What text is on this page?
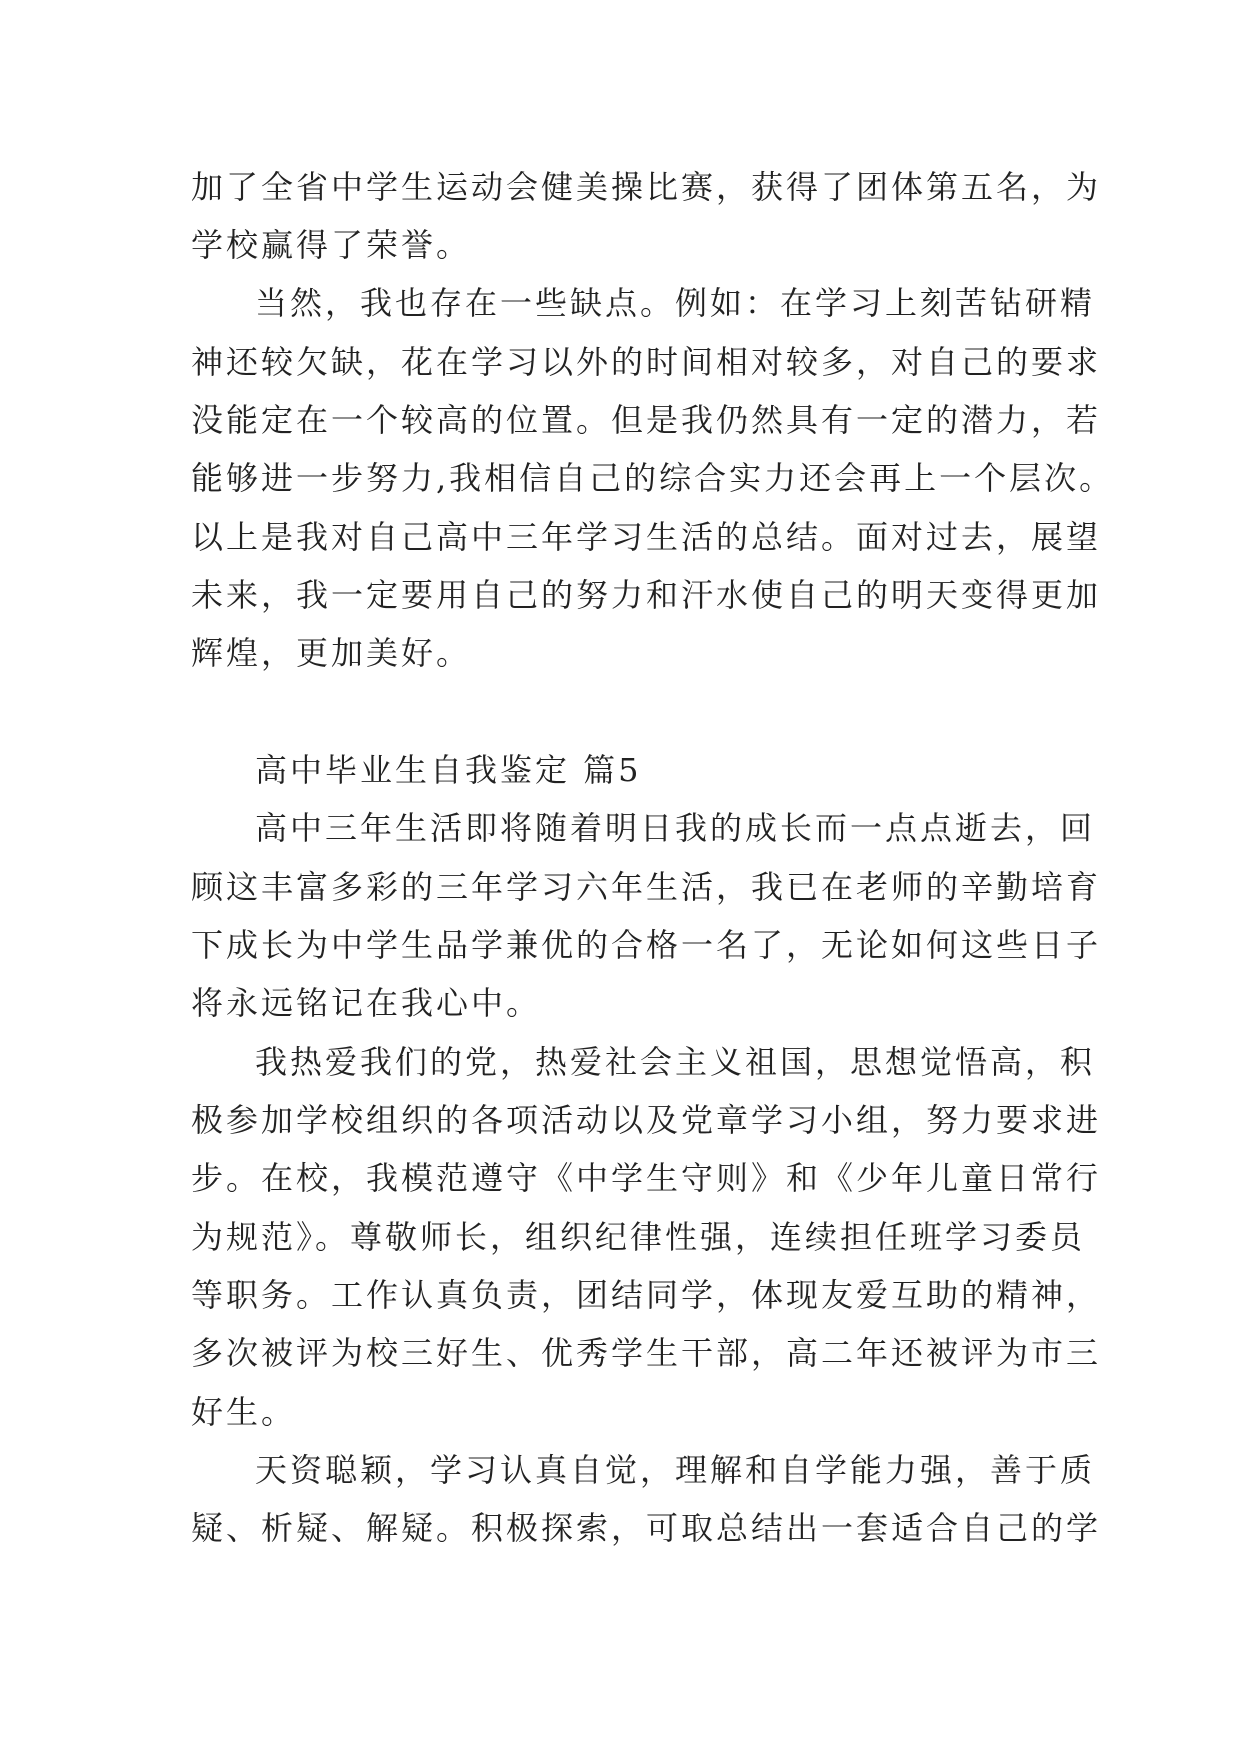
加了全省中学生运动会健美操比赛，获得了团体第五名，为
学校赢得了荣誉。
当然，我也存在一些缺点。例如：在学习上刻苦钻研精
神还较欠缺，花在学习以外的时间相对较多，对自己的要求
没能定在一个较高的位置。但是我仍然具有一定的潜力，若
能够进一步努力,我相信自己的综合实力还会再上一个层次。
以上是我对自己高中三年学习生活的总结。面对过去，展望
未来，我一定要用自己的努力和汗水使自己的明天变得更加
辉煌，更加美好。
高中毕业生自我鉴定 篇5
高中三年生活即将随着明日我的成长而一点点逝去，回
顾这丰富多彩的三年学习六年生活，我已在老师的辛勤培育
下成长为中学生品学兼优的合格一名了，无论如何这些日子
将永远铭记在我心中。
我热爱我们的党，热爱社会主义祖国，思想觉悟高，积
极参加学校组织的各项活动以及党章学习小组，努力要求进
步。在校，我模范遵守《中学生守则》和《少年儿童日常行
为规范》。尊敬师长，组织纪律性强，连续担任班学习委员
等职务。工作认真负责，团结同学，体现友爱互助的精神，
多次被评为校三好生、优秀学生干部，高二年还被评为市三
好生。
天资聪颖，学习认真自觉，理解和自学能力强，善于质
疑、析疑、解疑。积极探索，可取总结出一套适合自己的学
